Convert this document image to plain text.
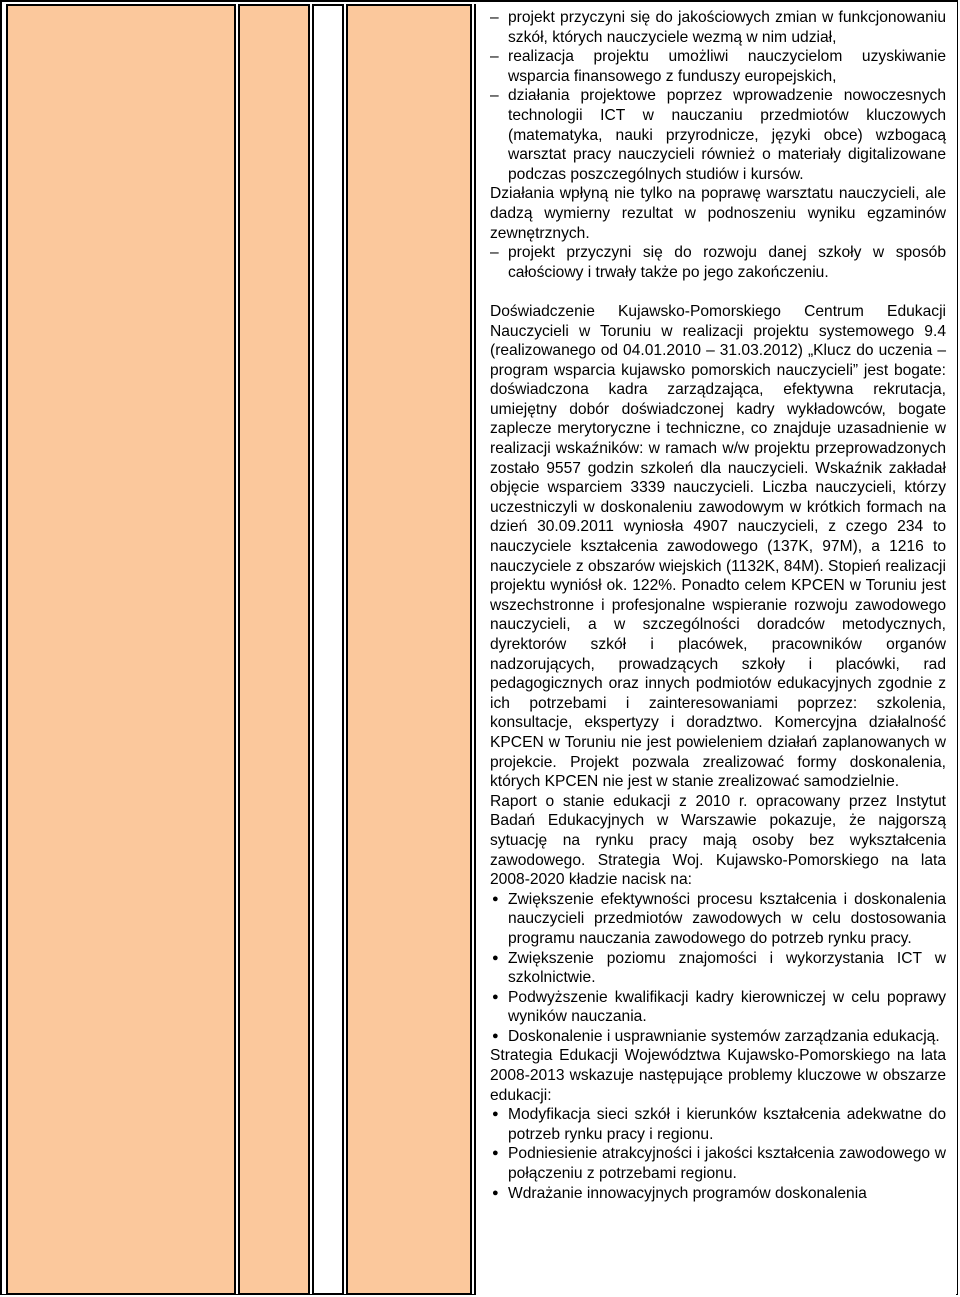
– projekt przyczyni się do jakościowych zmian w funkcjonowaniu szkół, których nauczyciele wezmą w nim udział,
– realizacja projektu umożliwi nauczycielom uzyskiwanie wsparcia finansowego z funduszy europejskich,
– działania projektowe poprzez wprowadzenie nowoczesnych technologii ICT w nauczaniu przedmiotów kluczowych (matematyka, nauki przyrodnicze, języki obce) wzbogacą warsztat pracy nauczycieli również o materiały digitalizowane podczas poszczególnych studiów i kursów.

Działania wpłyną nie tylko na poprawę warsztatu nauczycieli, ale dadzą wymierny rezultat w podnoszeniu wyniku egzaminów zewnętrznych.

– projekt przyczyni się do rozwoju danej szkoły w sposób całościowy i trwały także po jego zakończeniu.

Doświadczenie Kujawsko-Pomorskiego Centrum Edukacji Nauczycieli w Toruniu w realizacji projektu systemowego 9.4 (realizowanego od 04.01.2010 – 31.03.2012) „Klucz do uczenia – program wsparcia kujawsko pomorskich nauczycieli” jest bogate: doświadczona kadra zarządzająca, efektywna rekrutacja, umiejętny dobór doświadczonej kadry wykładowców, bogate zaplecze merytoryczne i techniczne, co znajduje uzasadnienie w realizacji wskaźników: w ramach w/w projektu przeprowadzonych zostało 9557 godzin szkoleń dla nauczycieli. Wskaźnik zakładał objęcie wsparciem 3339 nauczycieli. Liczba nauczycieli, którzy uczestniczyli w doskonaleniu zawodowym w krótkich formach na dzień 30.09.2011 wyniosła 4907 nauczycieli, z czego 234 to nauczyciele kształcenia zawodowego (137K, 97M), a 1216 to nauczyciele z obszarów wiejskich (1132K, 84M). Stopień realizacji projektu wyniósł ok. 122%. Ponadto celem KPCEN w Toruniu jest wszechstronne i profesjonalne wspieranie rozwoju zawodowego nauczycieli, a w szczególności doradców metodycznych, dyrektorów szkół i placówek, pracowników organów nadzorujących, prowadzących szkoły i placówki, rad pedagogicznych oraz innych podmiotów edukacyjnych zgodnie z ich potrzebami i zainteresowaniami poprzez: szkolenia, konsultacje, ekspertyzy i doradztwo. Komercyjna działalność KPCEN w Toruniu nie jest powieleniem działań zaplanowanych w projekcie. Projekt pozwala zrealizować formy doskonalenia, których KPCEN nie jest w stanie zrealizować samodzielnie.

Raport o stanie edukacji z 2010 r. opracowany przez Instytut Badań Edukacyjnych w Warszawie pokazuje, że najgorszą sytuację na rynku pracy mają osoby bez wykształcenia zawodowego. Strategia Woj. Kujawsko-Pomorskiego na lata 2008-2020 kładzie nacisk na:

● Zwiększenie efektywności procesu kształcenia i doskonalenia nauczycieli przedmiotów zawodowych w celu dostosowania programu nauczania zawodowego do potrzeb rynku pracy.
● Zwiększenie poziomu znajomości i wykorzystania ICT w szkolnictwie.
● Podwyższenie kwalifikacji kadry kierowniczej w celu poprawy wyników nauczania.
● Doskonalenie i usprawnianie systemów zarządzania edukacją.

Strategia Edukacji Województwa Kujawsko-Pomorskiego na lata 2008-2013 wskazuje następujące problemy kluczowe w obszarze edukacji:

● Modyfikacja sieci szkół i kierunków kształcenia adekwatne do potrzeb rynku pracy i regionu.
● Podniesienie atrakcyjności i jakości kształcenia zawodowego w połączeniu z potrzebami regionu.
● Wdrażanie innowacyjnych programów doskonalenia
